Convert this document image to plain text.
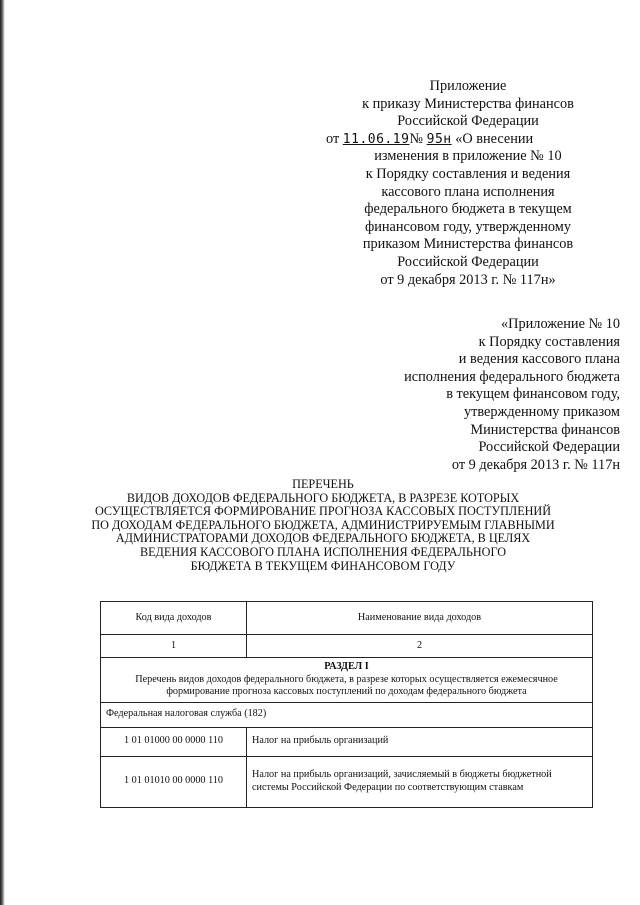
Приложение
к приказу Министерства финансов
Российской Федерации
от 11.06.19№ 95н «О внесении
изменения в приложение № 10
к Порядку составления и ведения
кассового плана исполнения
федерального бюджета в текущем
финансовом году, утвержденному
приказом Министерства финансов
Российской Федерации
от 9 декабря 2013 г. № 117н»
«Приложение № 10
к Порядку составления
и ведения кассового плана
исполнения федерального бюджета
в текущем финансовом году,
утвержденному приказом
Министерства финансов
Российской Федерации
от 9 декабря 2013 г. № 117н
ПЕРЕЧЕНЬ
ВИДОВ ДОХОДОВ ФЕДЕРАЛЬНОГО БЮДЖЕТА, В РАЗРЕЗЕ КОТОРЫХ
ОСУЩЕСТВЛЯЕТСЯ ФОРМИРОВАНИЕ ПРОГНОЗА КАССОВЫХ ПОСТУПЛЕНИЙ
ПО ДОХОДАМ ФЕДЕРАЛЬНОГО БЮДЖЕТА, АДМИНИСТРИРУЕМЫМ ГЛАВНЫМИ
АДМИНИСТРАТОРАМИ ДОХОДОВ ФЕДЕРАЛЬНОГО БЮДЖЕТА, В ЦЕЛЯХ
ВЕДЕНИЯ КАССОВОГО ПЛАНА ИСПОЛНЕНИЯ ФЕДЕРАЛЬНОГО
БЮДЖЕТА В ТЕКУЩЕМ ФИНАНСОВОМ ГОДУ
Код вида доходов	Наименование вида доходов
1	2

РАЗДЕЛ I
Перечень видов доходов федерального бюджета, в разрезе которых осуществляется ежемесячное формирование прогноза кассовых поступлений по доходам федерального бюджета	
Федеральная налоговая служба (182)	
1 01 01000 00 0000 110	Налог на прибыль организаций
1 01 01010 00 0000 110	Налог на прибыль организаций, зачисляемый в бюджеты бюджетной системы Российской Федерации по соответствующим ставкам
